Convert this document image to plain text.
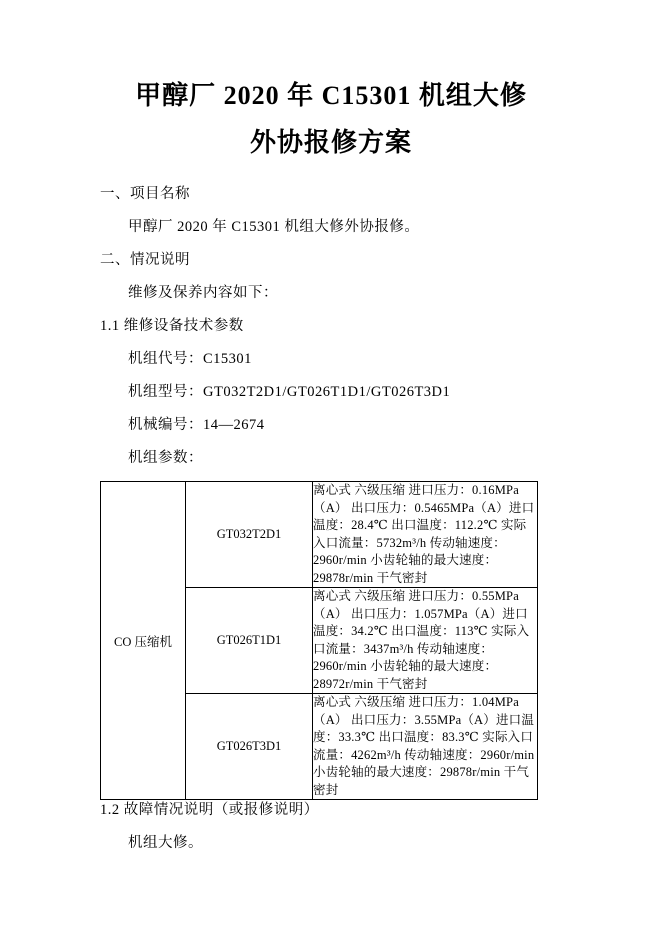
甲醇厂 2020 年 C15301 机组大修
外协报修方案

一、项目名称

甲醇厂 2020 年 C15301 机组大修外协报修。

二、情况说明

维修及保养内容如下：

1.1 维修设备技术参数

机组代号：C15301

机组型号：GT032T2D1/GT026T1D1/GT026T3D1

机械编号：14—2674

机组参数：

CO 压缩机	GT032T2D1	离心式 六级压缩 进口压力：0.16MPa（A） 出口压力：0.5465MPa（A）进口温度：28.4℃ 出口温度：112.2℃ 实际入口流量：5732m³/h 传动轴速度：2960r/min 小齿轮轴的最大速度：29878r/min 干气密封
	GT026T1D1	离心式 六级压缩 进口压力：0.55MPa（A） 出口压力：1.057MPa（A）进口温度：34.2℃ 出口温度：113℃ 实际入口流量：3437m³/h 传动轴速度：2960r/min 小齿轮轴的最大速度：28972r/min 干气密封
	GT026T3D1	离心式 六级压缩 进口压力：1.04MPa（A） 出口压力：3.55MPa（A）进口温度：33.3℃ 出口温度：83.3℃ 实际入口流量：4262m³/h 传动轴速度：2960r/min 小齿轮轴的最大速度：29878r/min 干气密封

1.2 故障情况说明（或报修说明）

机组大修。
